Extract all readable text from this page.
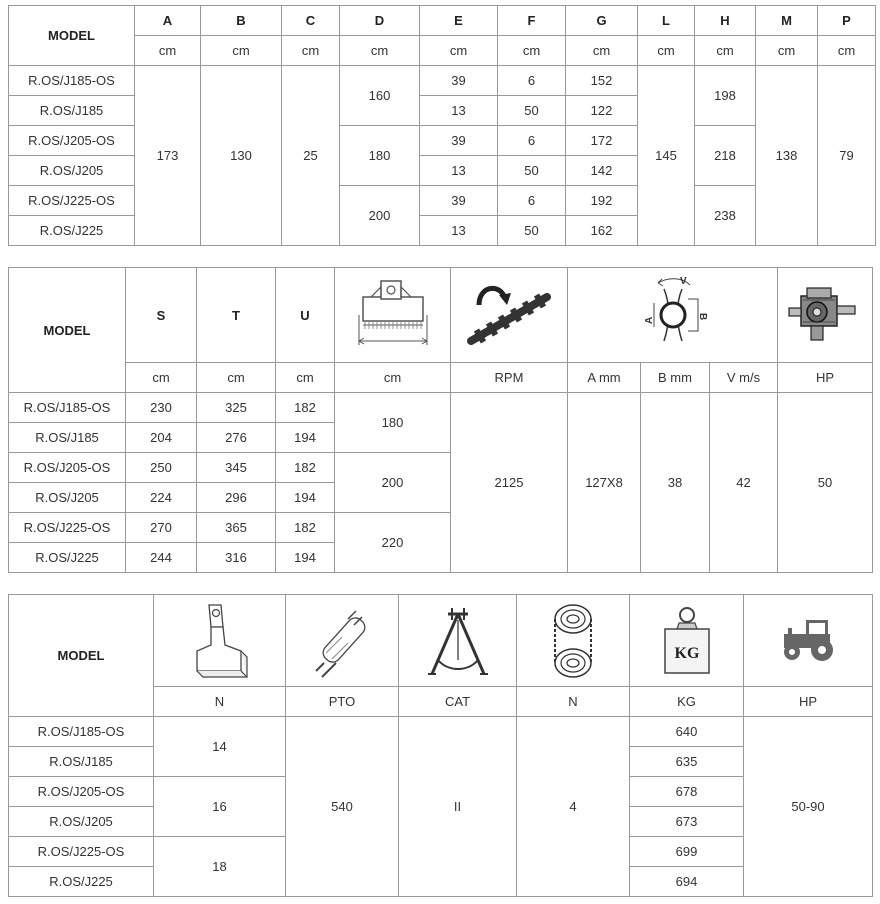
MODEL	A	B	C	D	E	F	G	L	H	M	P
	cm	cm	cm	cm	cm	cm	cm	cm	cm	cm	cm
R.OS/J185-OS	173	130	25	160	39	6	152	145	198	138	79
R.OS/J185					13	50	122				
R.OS/J205-OS				180	39	6	172		218		
R.OS/J205					13	50	142				
R.OS/J225-OS				200	39	6	192		238		
R.OS/J225					13	50	162				
MODEL	S	T	U			V
A
B

	cm	cm	cm	cm	RPM	A mm	B mm	V m/s	HP
R.OS/J185-OS	230	325	182	180	2125	127X8	38	42	50
R.OS/J185	204	276	194						
R.OS/J205-OS	250	345	182	200					
R.OS/J205	224	296	194						
R.OS/J225-OS	270	365	182	220					
R.OS/J225	244	316	194						
MODEL					KG

	N	PTO	CAT	N	KG	HP
R.OS/J185-OS	14	540	II	4	640	50-90
R.OS/J185					635	
R.OS/J205-OS	16				678	
R.OS/J205					673	
R.OS/J225-OS	18				699	
R.OS/J225					694	
